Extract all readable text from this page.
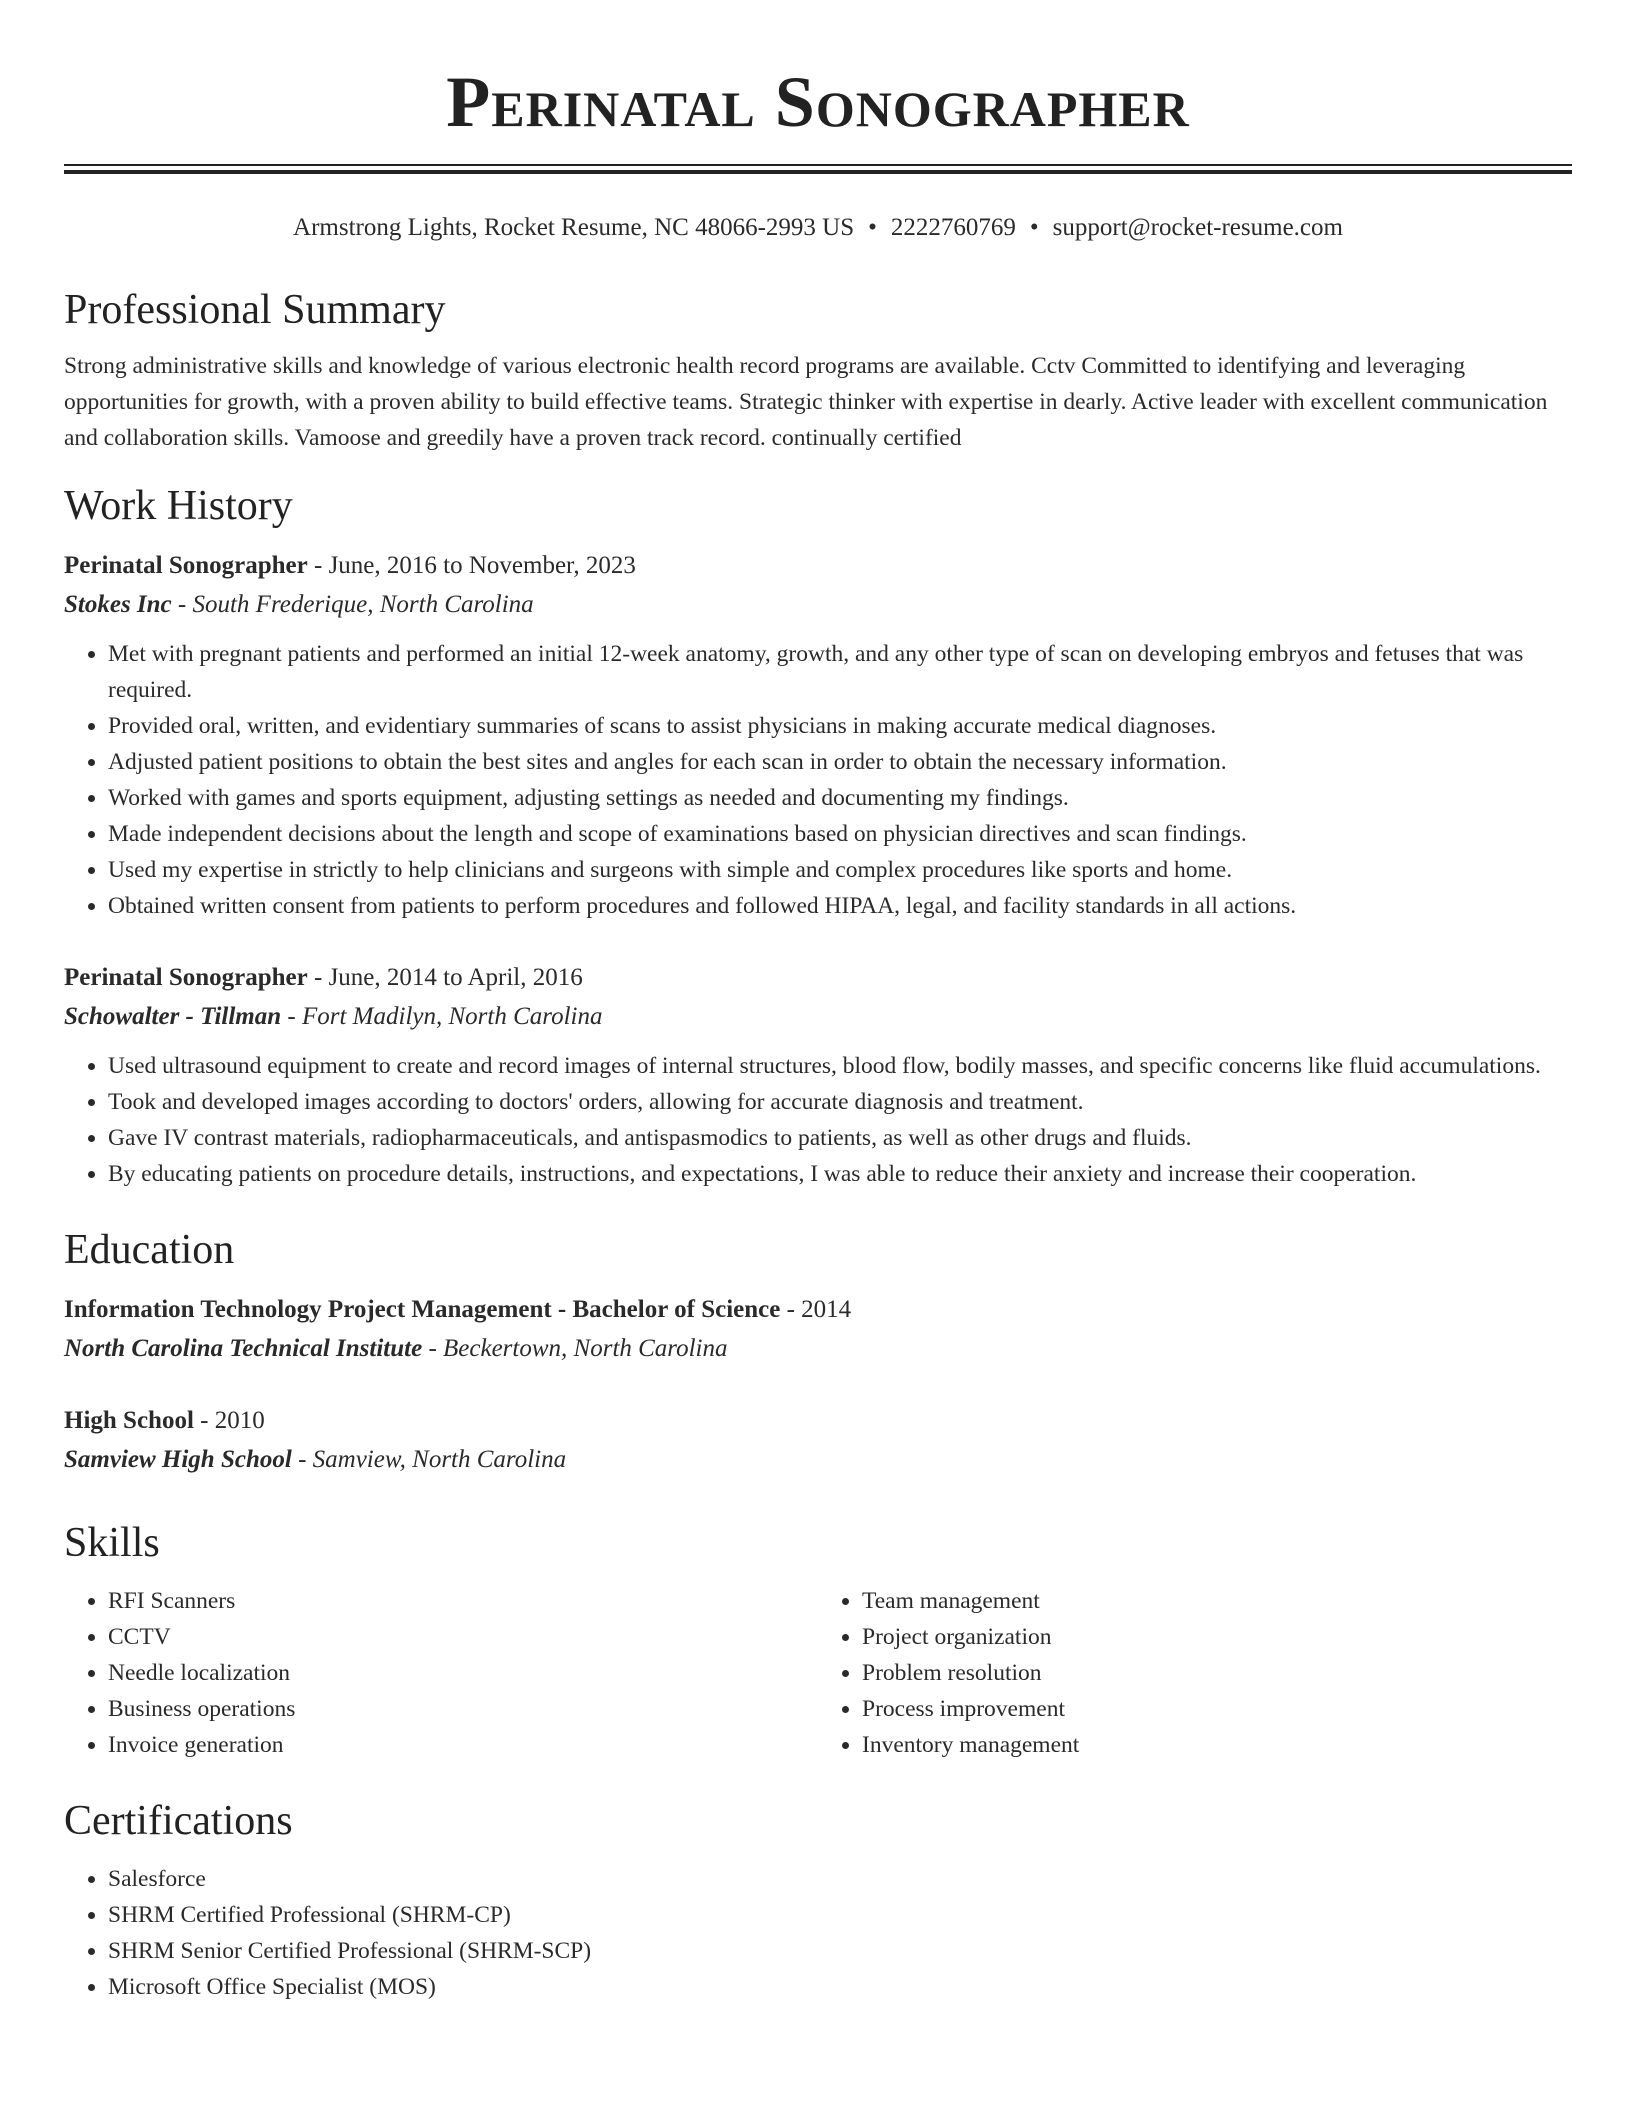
Perinatal Sonographer
Armstrong Lights, Rocket Resume, NC 48066-2993 US • 2222760769 • support@rocket-resume.com
Professional Summary
Strong administrative skills and knowledge of various electronic health record programs are available. Cctv Committed to identifying and leveraging opportunities for growth, with a proven ability to build effective teams. Strategic thinker with expertise in dearly. Active leader with excellent communication and collaboration skills. Vamoose and greedily have a proven track record. continually certified
Work History
Perinatal Sonographer - June, 2016 to November, 2023
Stokes Inc - South Frederique, North Carolina
• Met with pregnant patients and performed an initial 12-week anatomy, growth, and any other type of scan on developing embryos and fetuses that was required.
• Provided oral, written, and evidentiary summaries of scans to assist physicians in making accurate medical diagnoses.
• Adjusted patient positions to obtain the best sites and angles for each scan in order to obtain the necessary information.
• Worked with games and sports equipment, adjusting settings as needed and documenting my findings.
• Made independent decisions about the length and scope of examinations based on physician directives and scan findings.
• Used my expertise in strictly to help clinicians and surgeons with simple and complex procedures like sports and home.
• Obtained written consent from patients to perform procedures and followed HIPAA, legal, and facility standards in all actions.
Perinatal Sonographer - June, 2014 to April, 2016
Schowalter - Tillman - Fort Madilyn, North Carolina
• Used ultrasound equipment to create and record images of internal structures, blood flow, bodily masses, and specific concerns like fluid accumulations.
• Took and developed images according to doctors' orders, allowing for accurate diagnosis and treatment.
• Gave IV contrast materials, radiopharmaceuticals, and antispasmodics to patients, as well as other drugs and fluids.
• By educating patients on procedure details, instructions, and expectations, I was able to reduce their anxiety and increase their cooperation.
Education
Information Technology Project Management - Bachelor of Science - 2014
North Carolina Technical Institute - Beckertown, North Carolina
High School - 2010
Samview High School - Samview, North Carolina
Skills
• RFI Scanners
• CCTV
• Needle localization
• Business operations
• Invoice generation
• Team management
• Project organization
• Problem resolution
• Process improvement
• Inventory management
Certifications
• Salesforce
• SHRM Certified Professional (SHRM-CP)
• SHRM Senior Certified Professional (SHRM-SCP)
• Microsoft Office Specialist (MOS)
